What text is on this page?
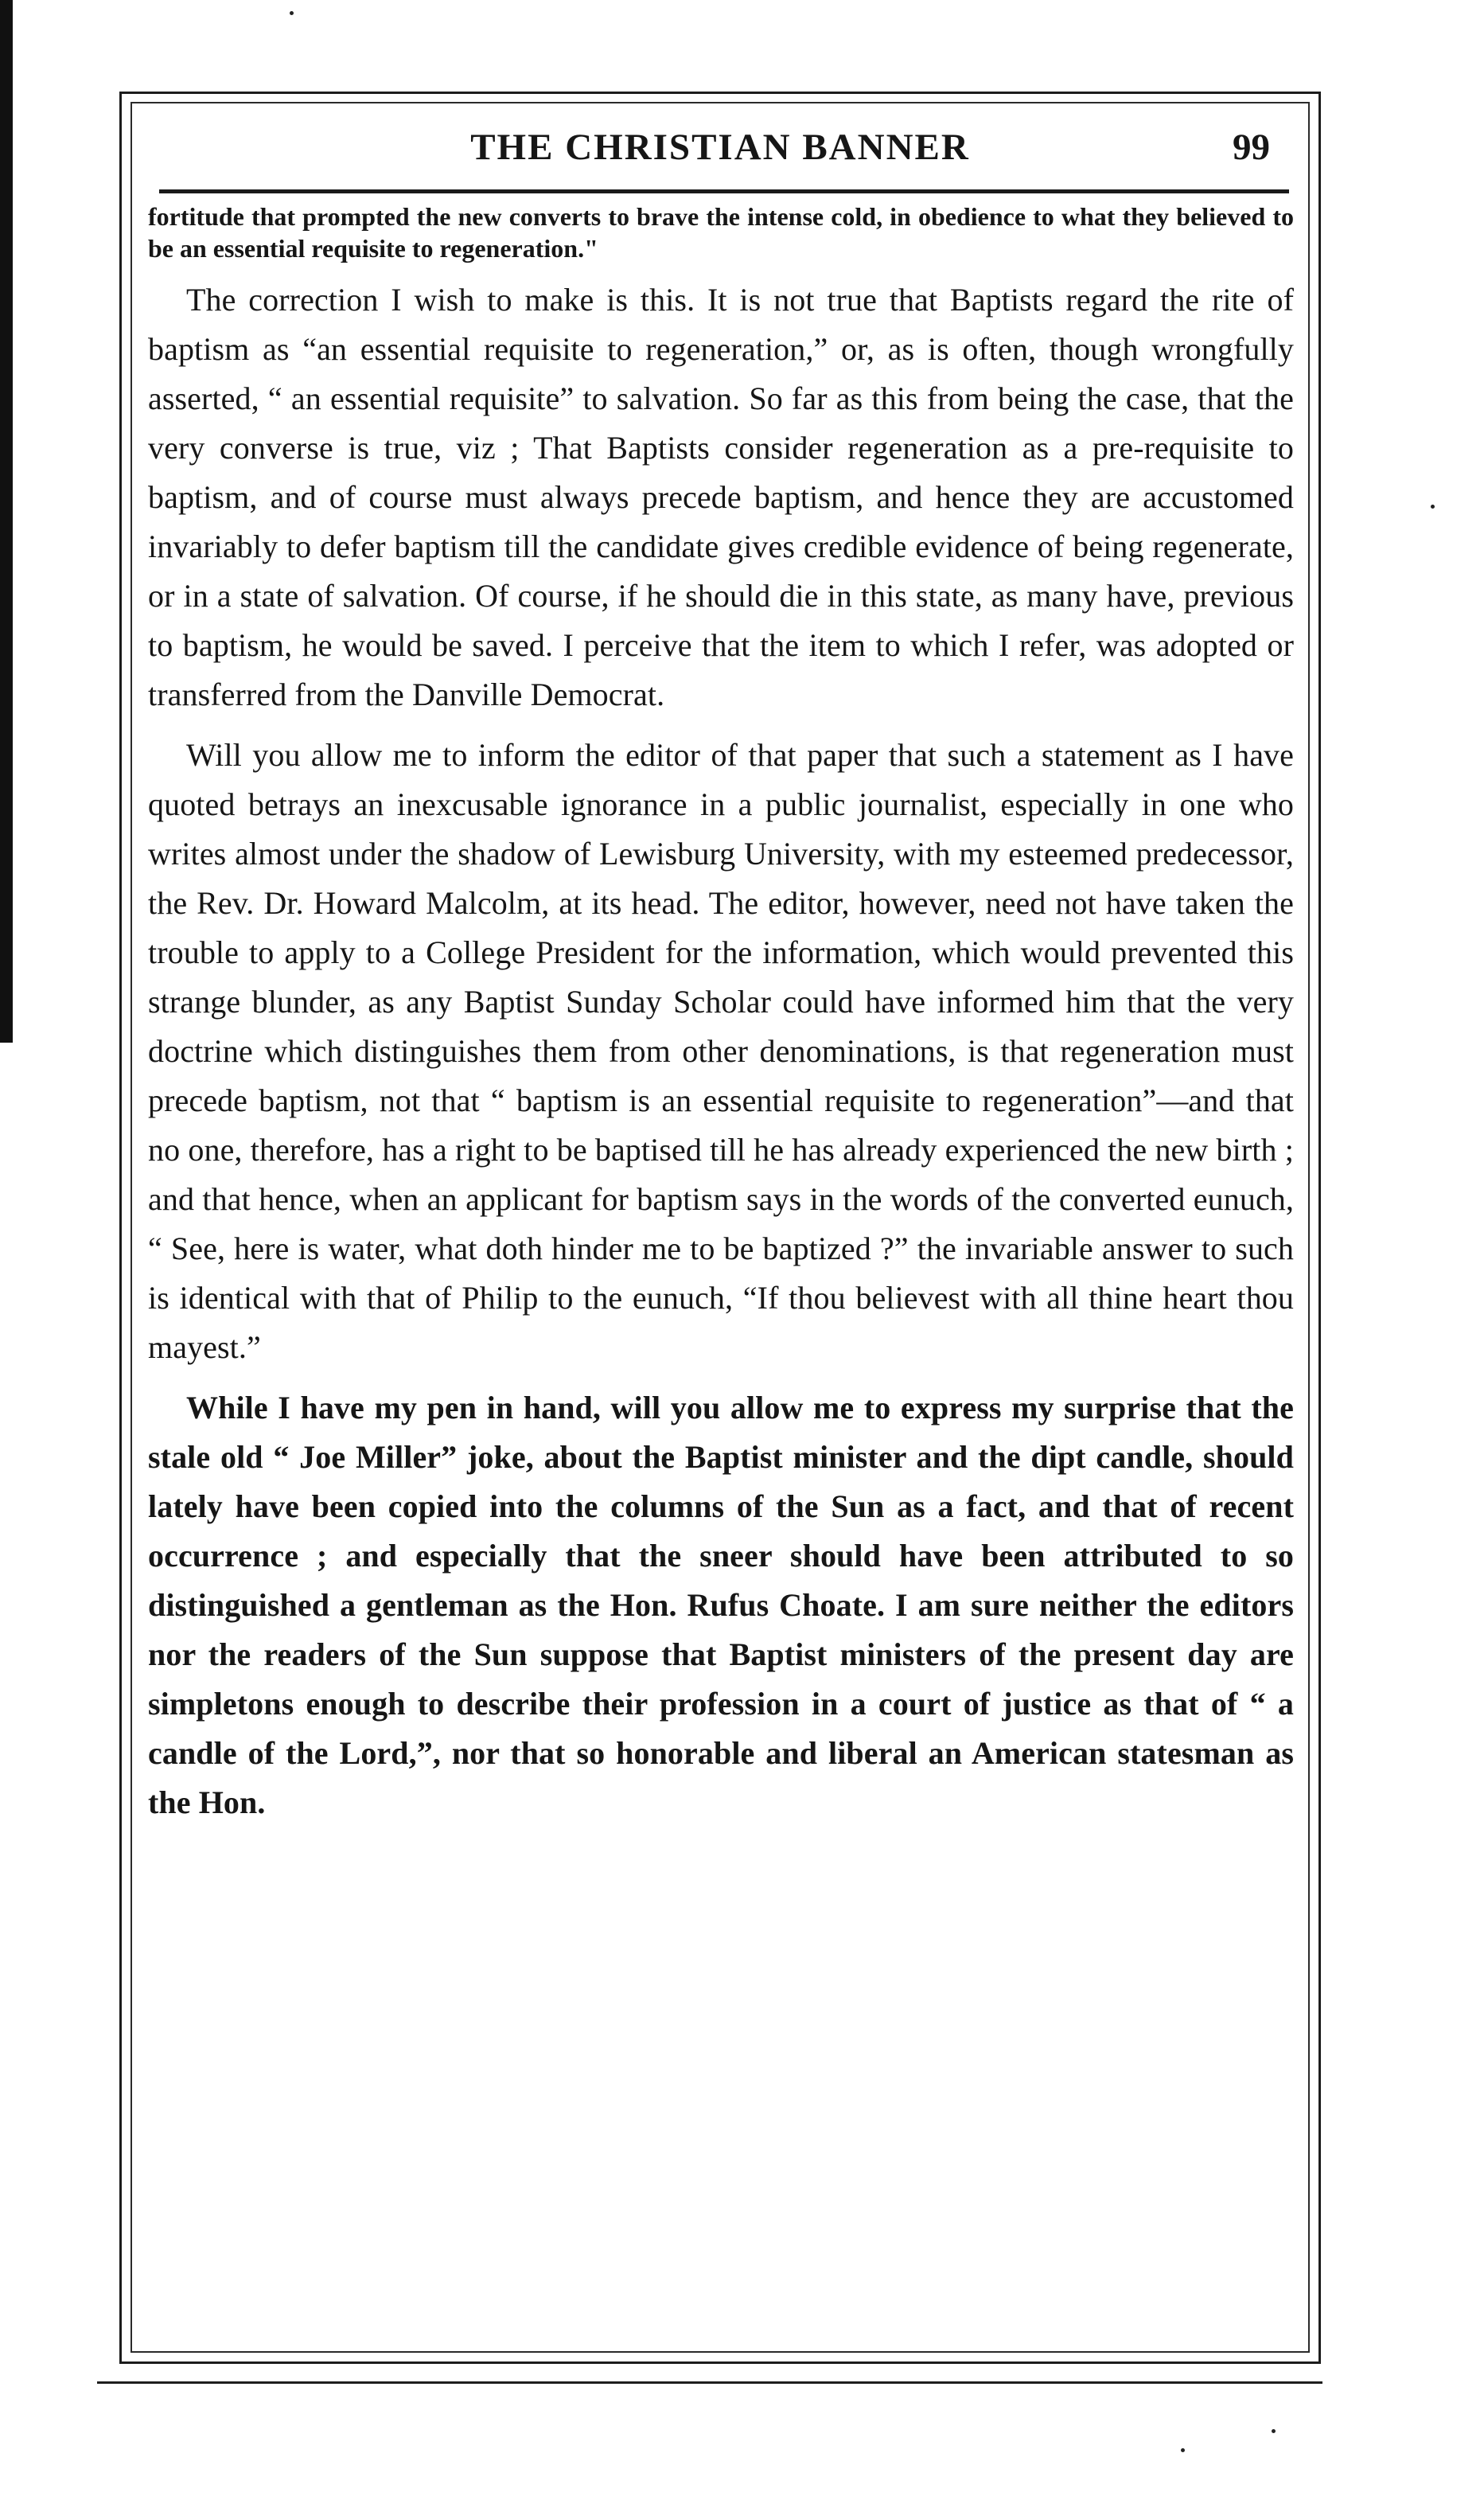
THE CHRISTIAN BANNER	99

fortitude that prompted the new converts to brave the intense cold, in obedience to what they believed to be an essential requisite to regeneration."

The correction I wish to make is this. It is not true that Baptists regard the rite of baptism as “an essential requisite to regeneration,” or, as is often, though wrongfully asserted, “ an essential requisite” to salvation. So far as this from being the case, that the very converse is true, viz ; That Baptists consider regeneration as a pre-requisite to baptism, and of course must always precede baptism, and hence they are accustomed invariably to defer baptism till the candidate gives credible evidence of being regenerate, or in a state of salvation. Of course, if he should die in this state, as many have, previous to baptism, he would be saved. I perceive that the item to which I refer, was adopted or transferred from the Danville Democrat.

Will you allow me to inform the editor of that paper that such a statement as I have quoted betrays an inexcusable ignorance in a public journalist, especially in one who writes almost under the shadow of Lewisburg University, with my esteemed predecessor, the Rev. Dr. Howard Malcolm, at its head. The editor, however, need not have taken the trouble to apply to a College President for the information, which would prevented this strange blunder, as any Baptist Sunday Scholar could have informed him that the very doctrine which distinguishes them from other denominations, is that regeneration must precede baptism, not that “ baptism is an essential requisite to regeneration”—and that no one, therefore, has a right to be baptised till he has already experienced the new birth ; and that hence, when an applicant for baptism says in the words of the converted eunuch, “ See, here is water, what doth hinder me to be baptized ?” the invariable answer to such is identical with that of Philip to the eunuch, “If thou believest with all thine heart thou mayest.”

While I have my pen in hand, will you allow me to express my surprise that the stale old “ Joe Miller” joke, about the Baptist minister and the dipt candle, should lately have been copied into the columns of the Sun as a fact, and that of recent occurrence ; and especially that the sneer should have been attributed to so distinguished a gentleman as the Hon. Rufus Choate. I am sure neither the editors nor the readers of the Sun suppose that Baptist ministers of the present day are simpletons enough to describe their profession in a court of justice as that of “ a candle of the Lord,”, nor that so honorable and liberal an American statesman as the Hon.
